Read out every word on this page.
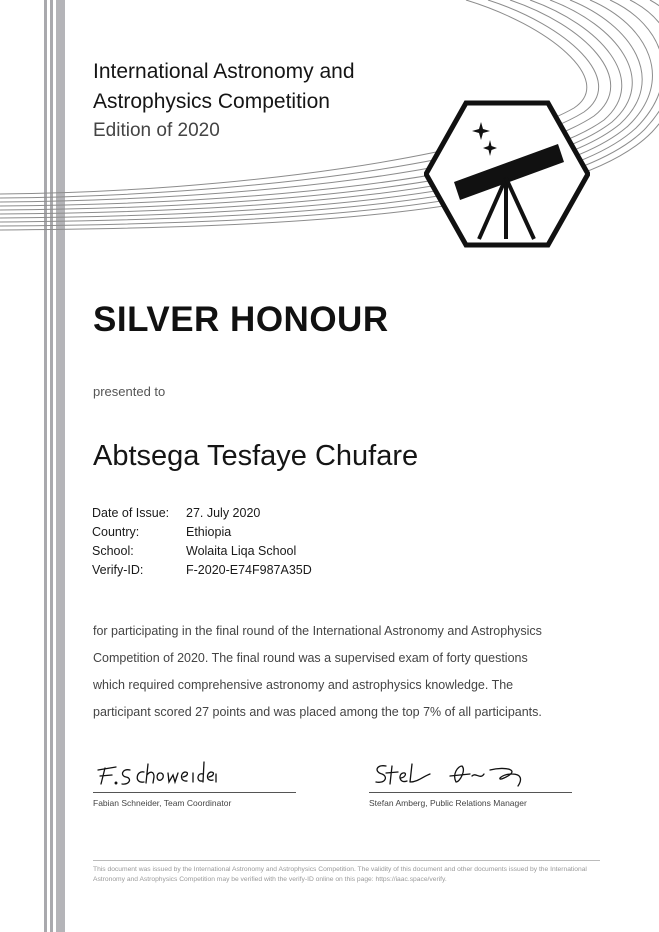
International Astronomy and
Astrophysics Competition
Edition of 2020
SILVER HONOUR
presented to
Abtsega Tesfaye Chufare
Date of Issue:	27. July 2020
Country:	Ethiopia
School:	Wolaita Liqa School
Verify-ID:	F-2020-E74F987A35D
for participating in the final round of the International Astronomy and Astrophysics Competition of 2020. The final round was a supervised exam of forty questions which required comprehensive astronomy and astrophysics knowledge. The participant scored 27 points and was placed among the top 7% of all participants.
Fabian Schneider, Team Coordinator	Stefan Amberg, Public Relations Manager
This document was issued by the International Astronomy and Astrophysics Competition. The validity of this document and other documents issued by the International Astronomy and Astrophysics Competition may be verified with the verify-ID online on this page: https://iaac.space/verify.
